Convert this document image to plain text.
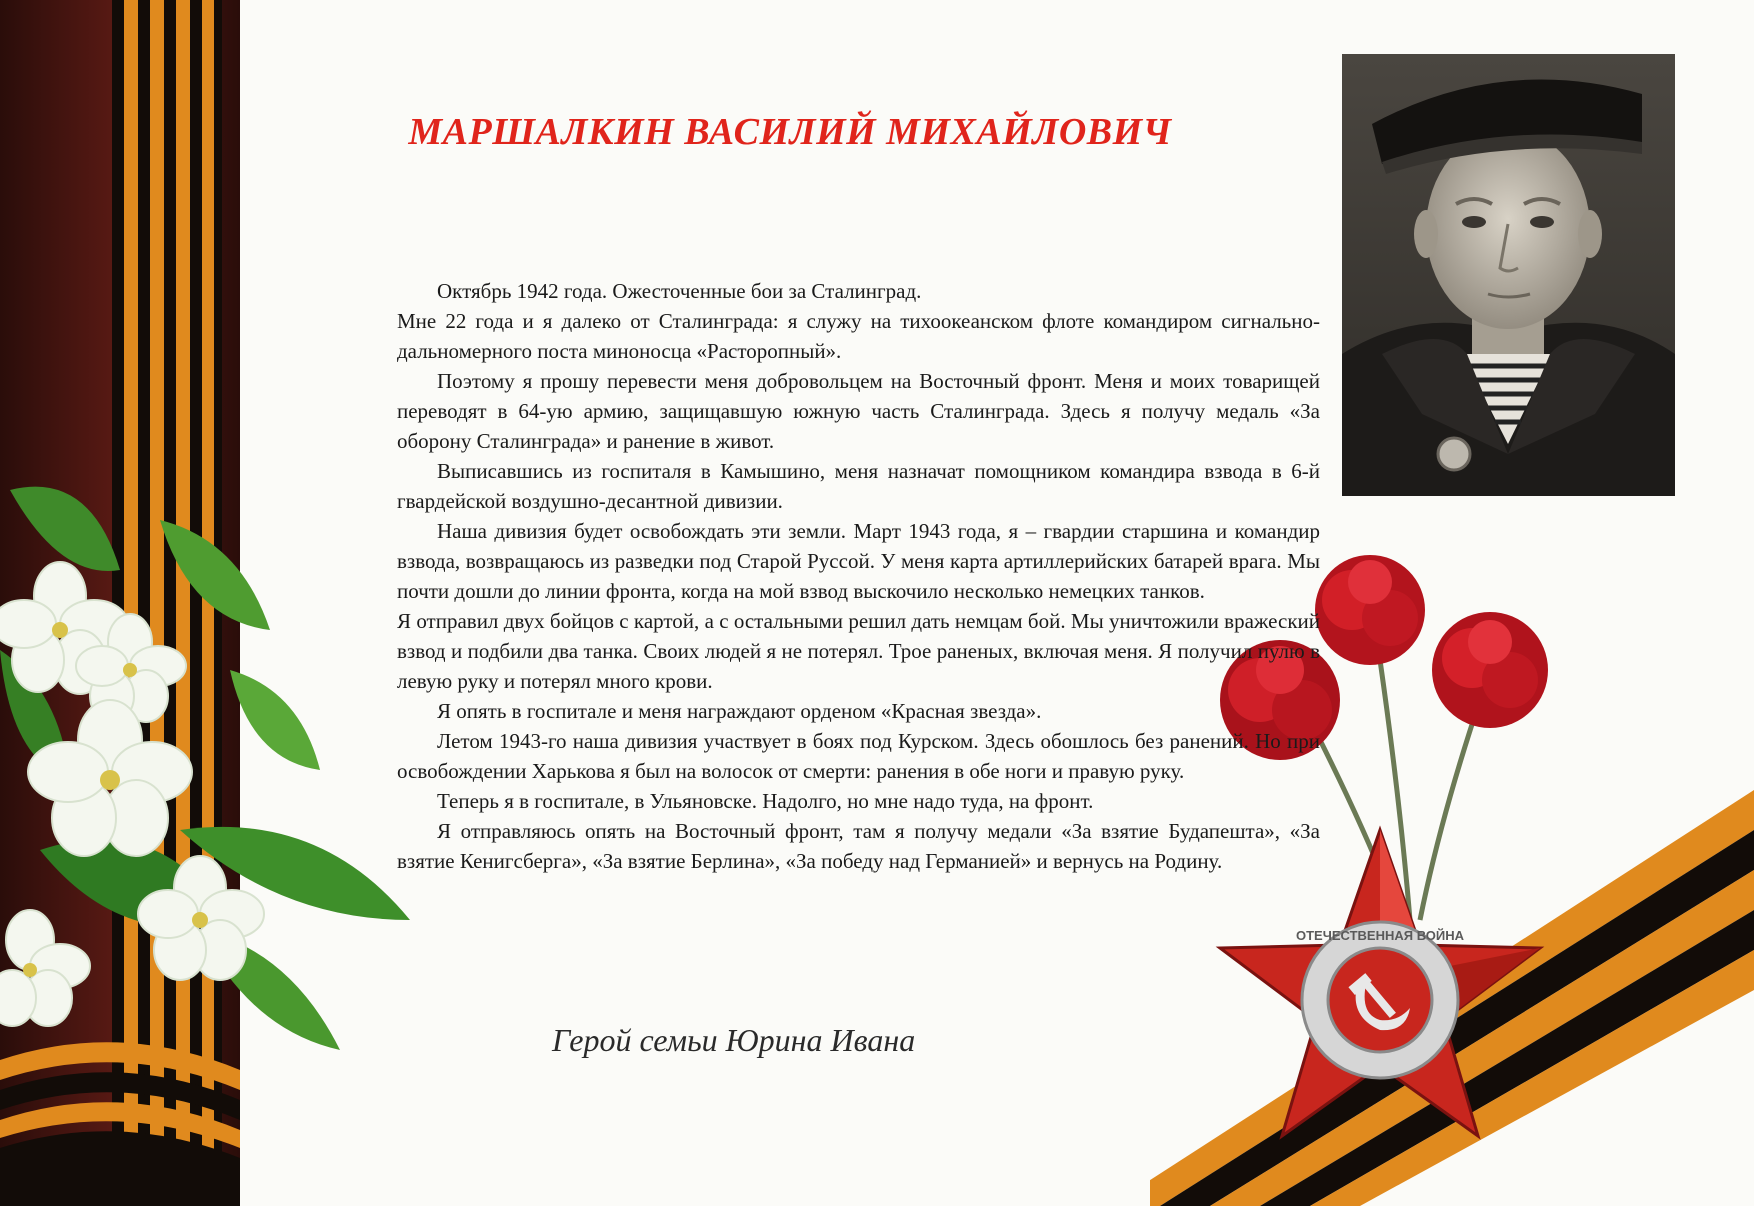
ОТЕЧЕСТВЕННАЯ ВОЙНА
МАРШАЛКИН ВАСИЛИЙ МИХАЙЛОВИЧ

Октябрь 1942 года. Ожесточенные бои за Сталинград.

Мне 22 года и я далеко от Сталинграда: я служу на тихоокеанском флоте командиром сигнально-дальномерного поста миноносца «Расторопный».

Поэтому я прошу перевести меня добровольцем на Восточный фронт. Меня и моих товарищей переводят в 64-ую армию, защищавшую южную часть Сталинграда. Здесь я получу медаль «За оборону Сталинграда» и ранение в живот.

Выписавшись из госпиталя в Камышино, меня назначат помощником командира взвода в 6-й гвардейской воздушно-десантной дивизии.

Наша дивизия будет освобождать эти земли. Март 1943 года, я – гвардии старшина и командир взвода, возвращаюсь из разведки под Старой Руссой. У меня карта артиллерийских батарей врага. Мы почти дошли до линии фронта, когда на мой взвод выскочило несколько немецких танков.

Я отправил двух бойцов с картой, а с остальными решил дать немцам бой. Мы уничтожили вражеский взвод и подбили два танка. Своих людей я не потерял. Трое раненых, включая меня. Я получил пулю в левую руку и потерял много крови.

Я опять в госпитале и меня награждают орденом «Красная звезда».

Летом 1943-го наша дивизия участвует в боях под Курском. Здесь обошлось без ранений. Но при освобождении Харькова я был на волосок от смерти: ранения в обе ноги и правую руку.

Теперь я в госпитале, в Ульяновске. Надолго, но мне надо туда, на фронт.

Я отправляюсь опять на Восточный фронт, там я получу медали «За взятие Будапешта», «За взятие Кенигсберга», «За взятие Берлина», «За победу над Германией» и вернусь на Родину.

Герой семьи Юрина Ивана
